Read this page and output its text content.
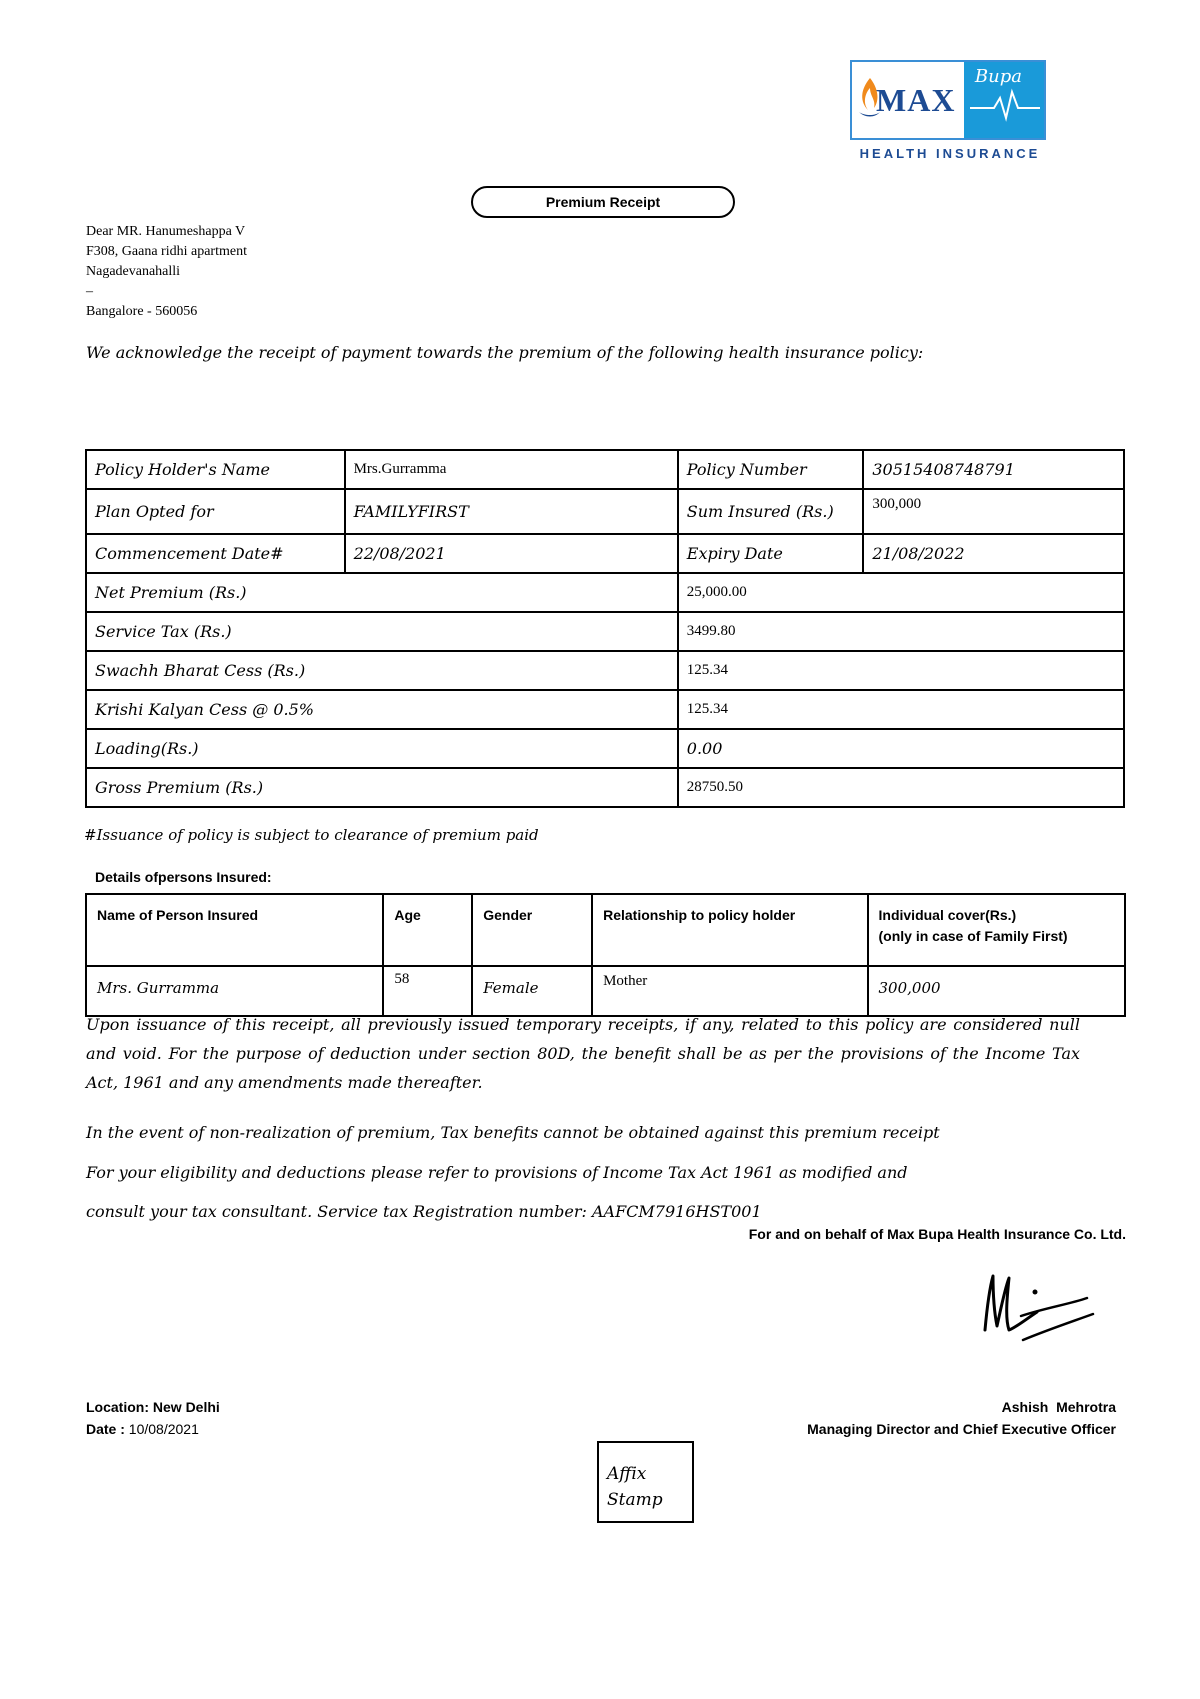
MAX
Bupa
HEALTH INSURANCE
Premium Receipt
Dear MR. Hanumeshappa V
F308, Gaana ridhi apartment
Nagadevanahalli
–
Bangalore - 560056
We acknowledge the receipt of payment towards the premium of the following health insurance policy:
Policy Holder's Name	Mrs.Gurramma	Policy Number	30515408748791
Plan Opted for	FAMILYFIRST	Sum Insured (Rs.)	300,000
Commencement Date#	22/08/2021	Expiry Date	21/08/2022
Net Premium (Rs.)		25,000.00	
Service Tax (Rs.)		3499.80	
Swachh Bharat Cess (Rs.)		125.34	
Krishi Kalyan Cess @ 0.5%		125.34	
Loading(Rs.)		0.00	
Gross Premium (Rs.)		28750.50	
#Issuance of policy is subject to clearance of premium paid
Details ofpersons Insured:
Name of Person Insured	Age	Gender	Relationship to policy holder	Individual cover(Rs.)
(only in case of Family First)

Mrs. Gurramma	58	Female	Mother	300,000
Upon issuance of this receipt, all previously issued temporary receipts, if any, related to this policy are considered null and void. For the purpose of deduction under section 80D, the benefit shall be as per the provisions of the Income Tax Act, 1961 and any amendments made thereafter.
In the event of non-realization of premium, Tax benefits cannot be obtained against this premium receipt
For your eligibility and deductions please refer to provisions of Income Tax Act 1961 as modified and
consult your tax consultant. Service tax Registration number: AAFCM7916HST001
For and on behalf of Max Bupa Health Insurance Co. Ltd.
Location: New Delhi
Date : 10/08/2021
Ashish  Mehrotra
Managing Director and Chief Executive Officer
Affix
Stamp
